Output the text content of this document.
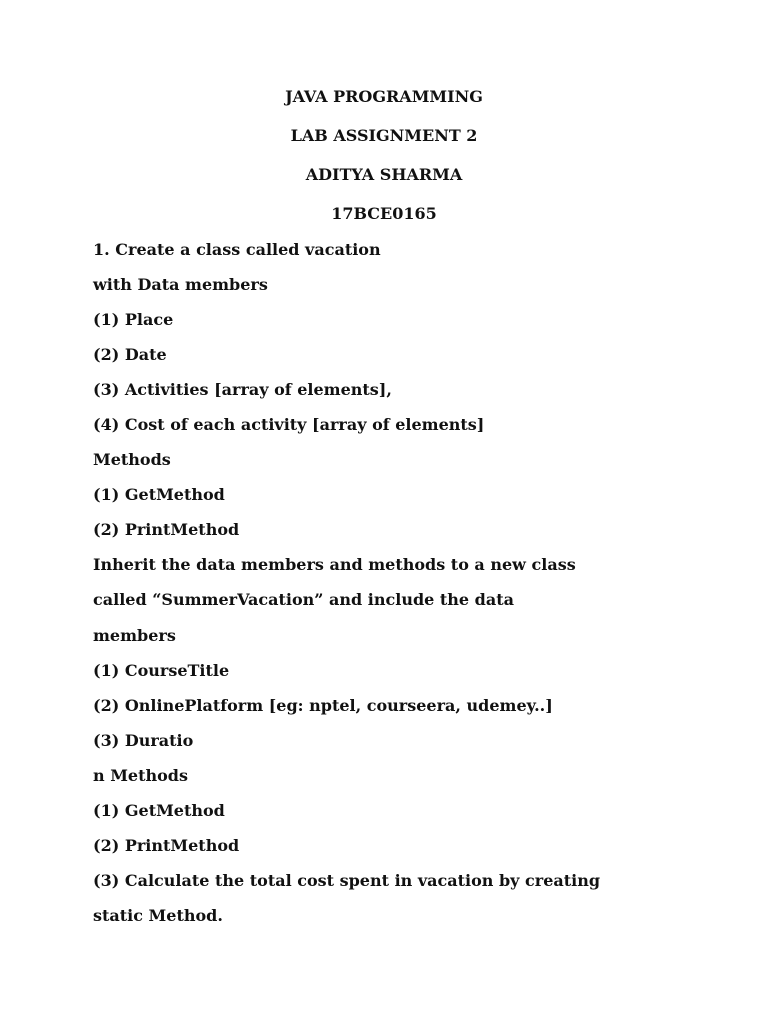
JAVA PROGRAMMING
LAB ASSIGNMENT 2
ADITYA SHARMA
17BCE0165
1. Create a class called vacation
with Data members
(1) Place
(2) Date
(3) Activities [array of elements],
(4) Cost of each activity [array of elements]
Methods
(1) GetMethod
(2) PrintMethod
Inherit the data members and methods to a new class
called “SummerVacation” and include the data
members
(1) CourseTitle
(2) OnlinePlatform [eg: nptel, courseera, udemey..]
(3) Duratio
n Methods
(1) GetMethod
(2) PrintMethod
(3) Calculate the total cost spent in vacation by creating
static Method.
